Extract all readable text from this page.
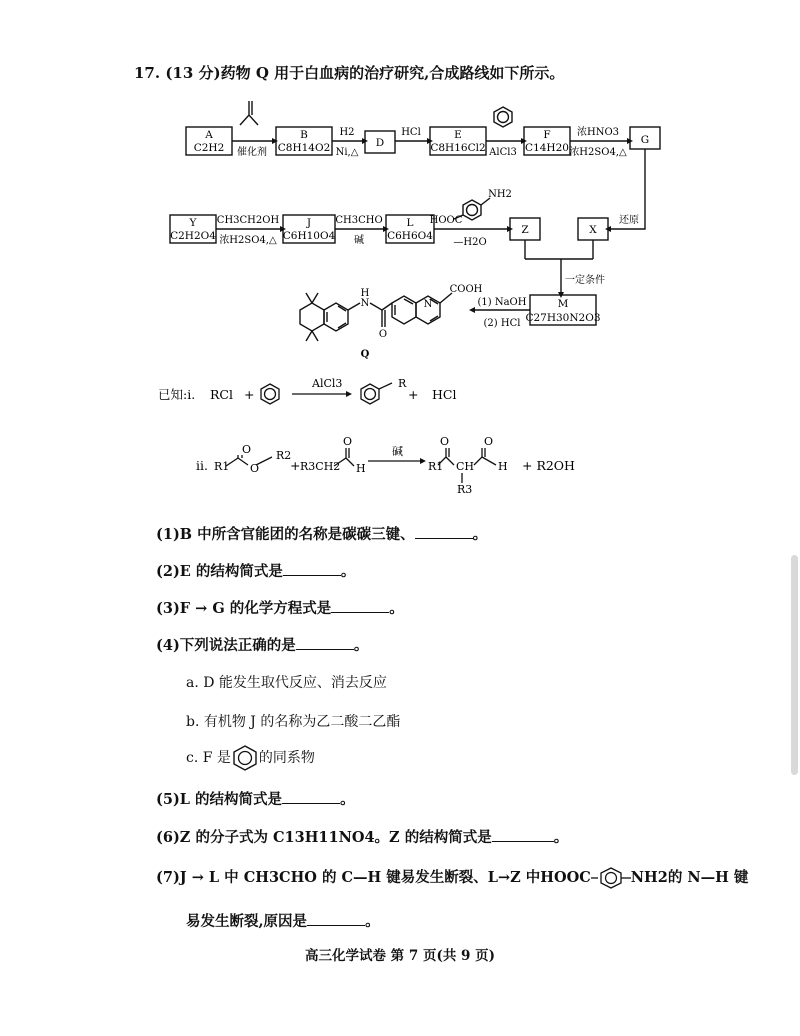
17. (13 分)药物 Q 用于白血病的治疗研究,合成路线如下所示。
A
C2H2
B
C8H14O2	D
E
C8H16Cl2
F
C14H20
G
Y
C2H2O4
J
C6H10O4
L
C6H6O4	Z	X
M
C27H30N2O3
催化剂
H2
Ni,△
HCl
AlCl3
浓HNO3
浓H2SO4,△
还原
CH3CH2OH
浓H2SO4,△
CH3CHO
碱
HOOC
NH2
—H2O
一定条件
(1) NaOH
(2) HCl
COOH
N
N
H
O
Q
已知:i. RCl +
AlCl3	R
+ HCl
ii. R1
O
O
R2
+ R3CH2
O
H
碱
R1
O
CH
O
H
R3
+ R2OH
(1)B 中所含官能团的名称是碳碳三键、	。
(2)E 的结构简式是	。
(3)F → G 的化学方程式是	。
(4)下列说法正确的是	。
a. D 能发生取代反应、消去反应
b. 有机物 J 的名称为乙二酸二乙酯
c. F 是 的同系物
(5)L 的结构简式是	。
(6)Z 的分子式为 C13H11NO4。Z 的结构简式是	。
(7)J → L 中 CH3CHO 的 C—H 键易发生断裂、L→Z 中HOOC	NH2的 N—H 键
易发生断裂,原因是	。
高三化学试卷 第 7 页(共 9 页)
